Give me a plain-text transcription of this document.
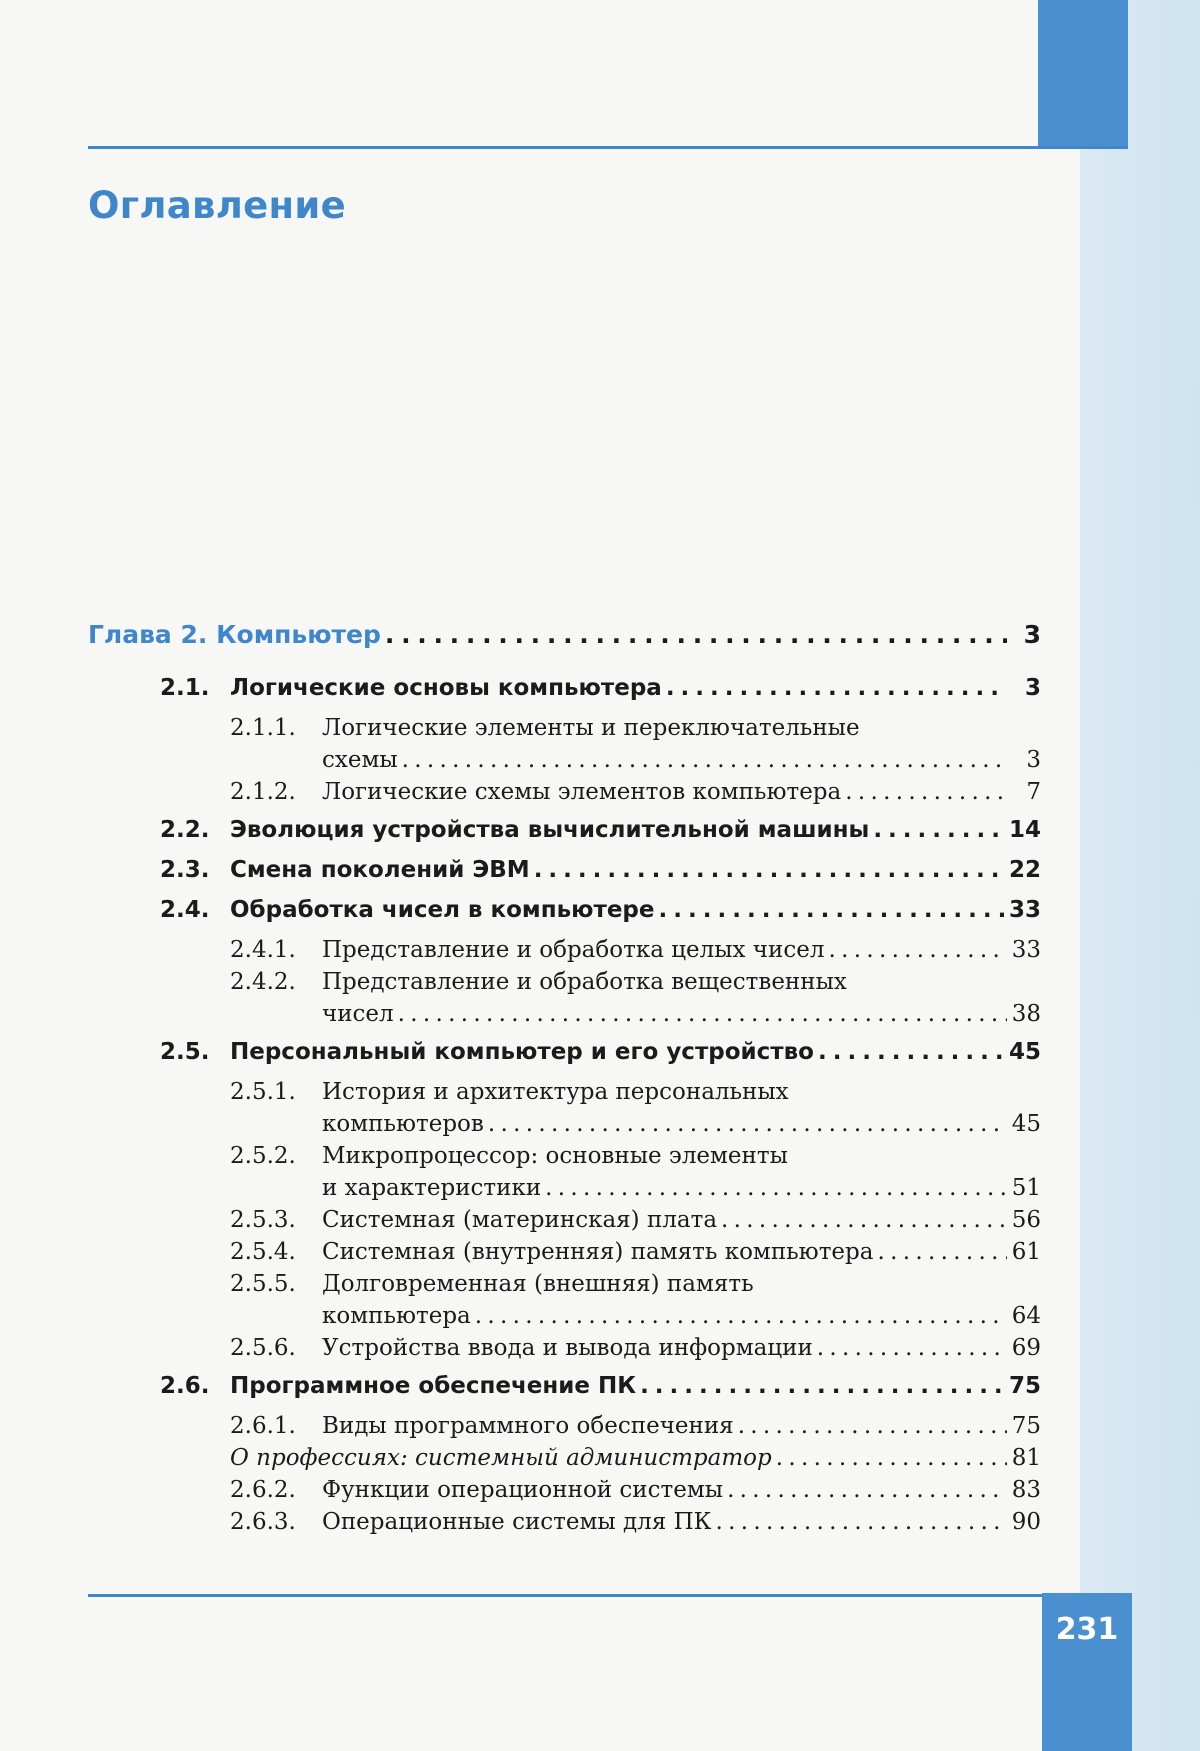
Оглавление
Глава 2. Компьютер . . .	3
2.1. Логические основы компьютера . . .	3
2.1.1.	Логические элементы и переключательные
схемы . . .	3
2.1.2.	Логические схемы элементов компьютера . . .	7
2.2. Эволюция устройства вычислительной машины . . .	14
2.3. Смена поколений ЭВМ . . .	22
2.4. Обработка чисел в компьютере . . .	33
2.4.1.	Представление и обработка целых чисел . . .	33
2.4.2.	Представление и обработка вещественных
чисел . . .	38
2.5. Персональный компьютер и его устройство . . .	45
2.5.1.	История и архитектура персональных
компьютеров . . .	45
2.5.2.	Микропроцессор: основные элементы
и характеристики . . .	51
2.5.3.	Системная (материнская) плата . . .	56
2.5.4.	Системная (внутренняя) память компьютера . . .	61
2.5.5.	Долговременная (внешняя) память
компьютера . . .	64
2.5.6.	Устройства ввода и вывода информации . . .	69
2.6. Программное обеспечение ПК . . .	75
2.6.1.	Виды программного обеспечения . . .	75
О профессиях: системный администратор . . .	81
2.6.2.	Функции операционной системы . . .	83
2.6.3.	Операционные системы для ПК . . .	90
231
